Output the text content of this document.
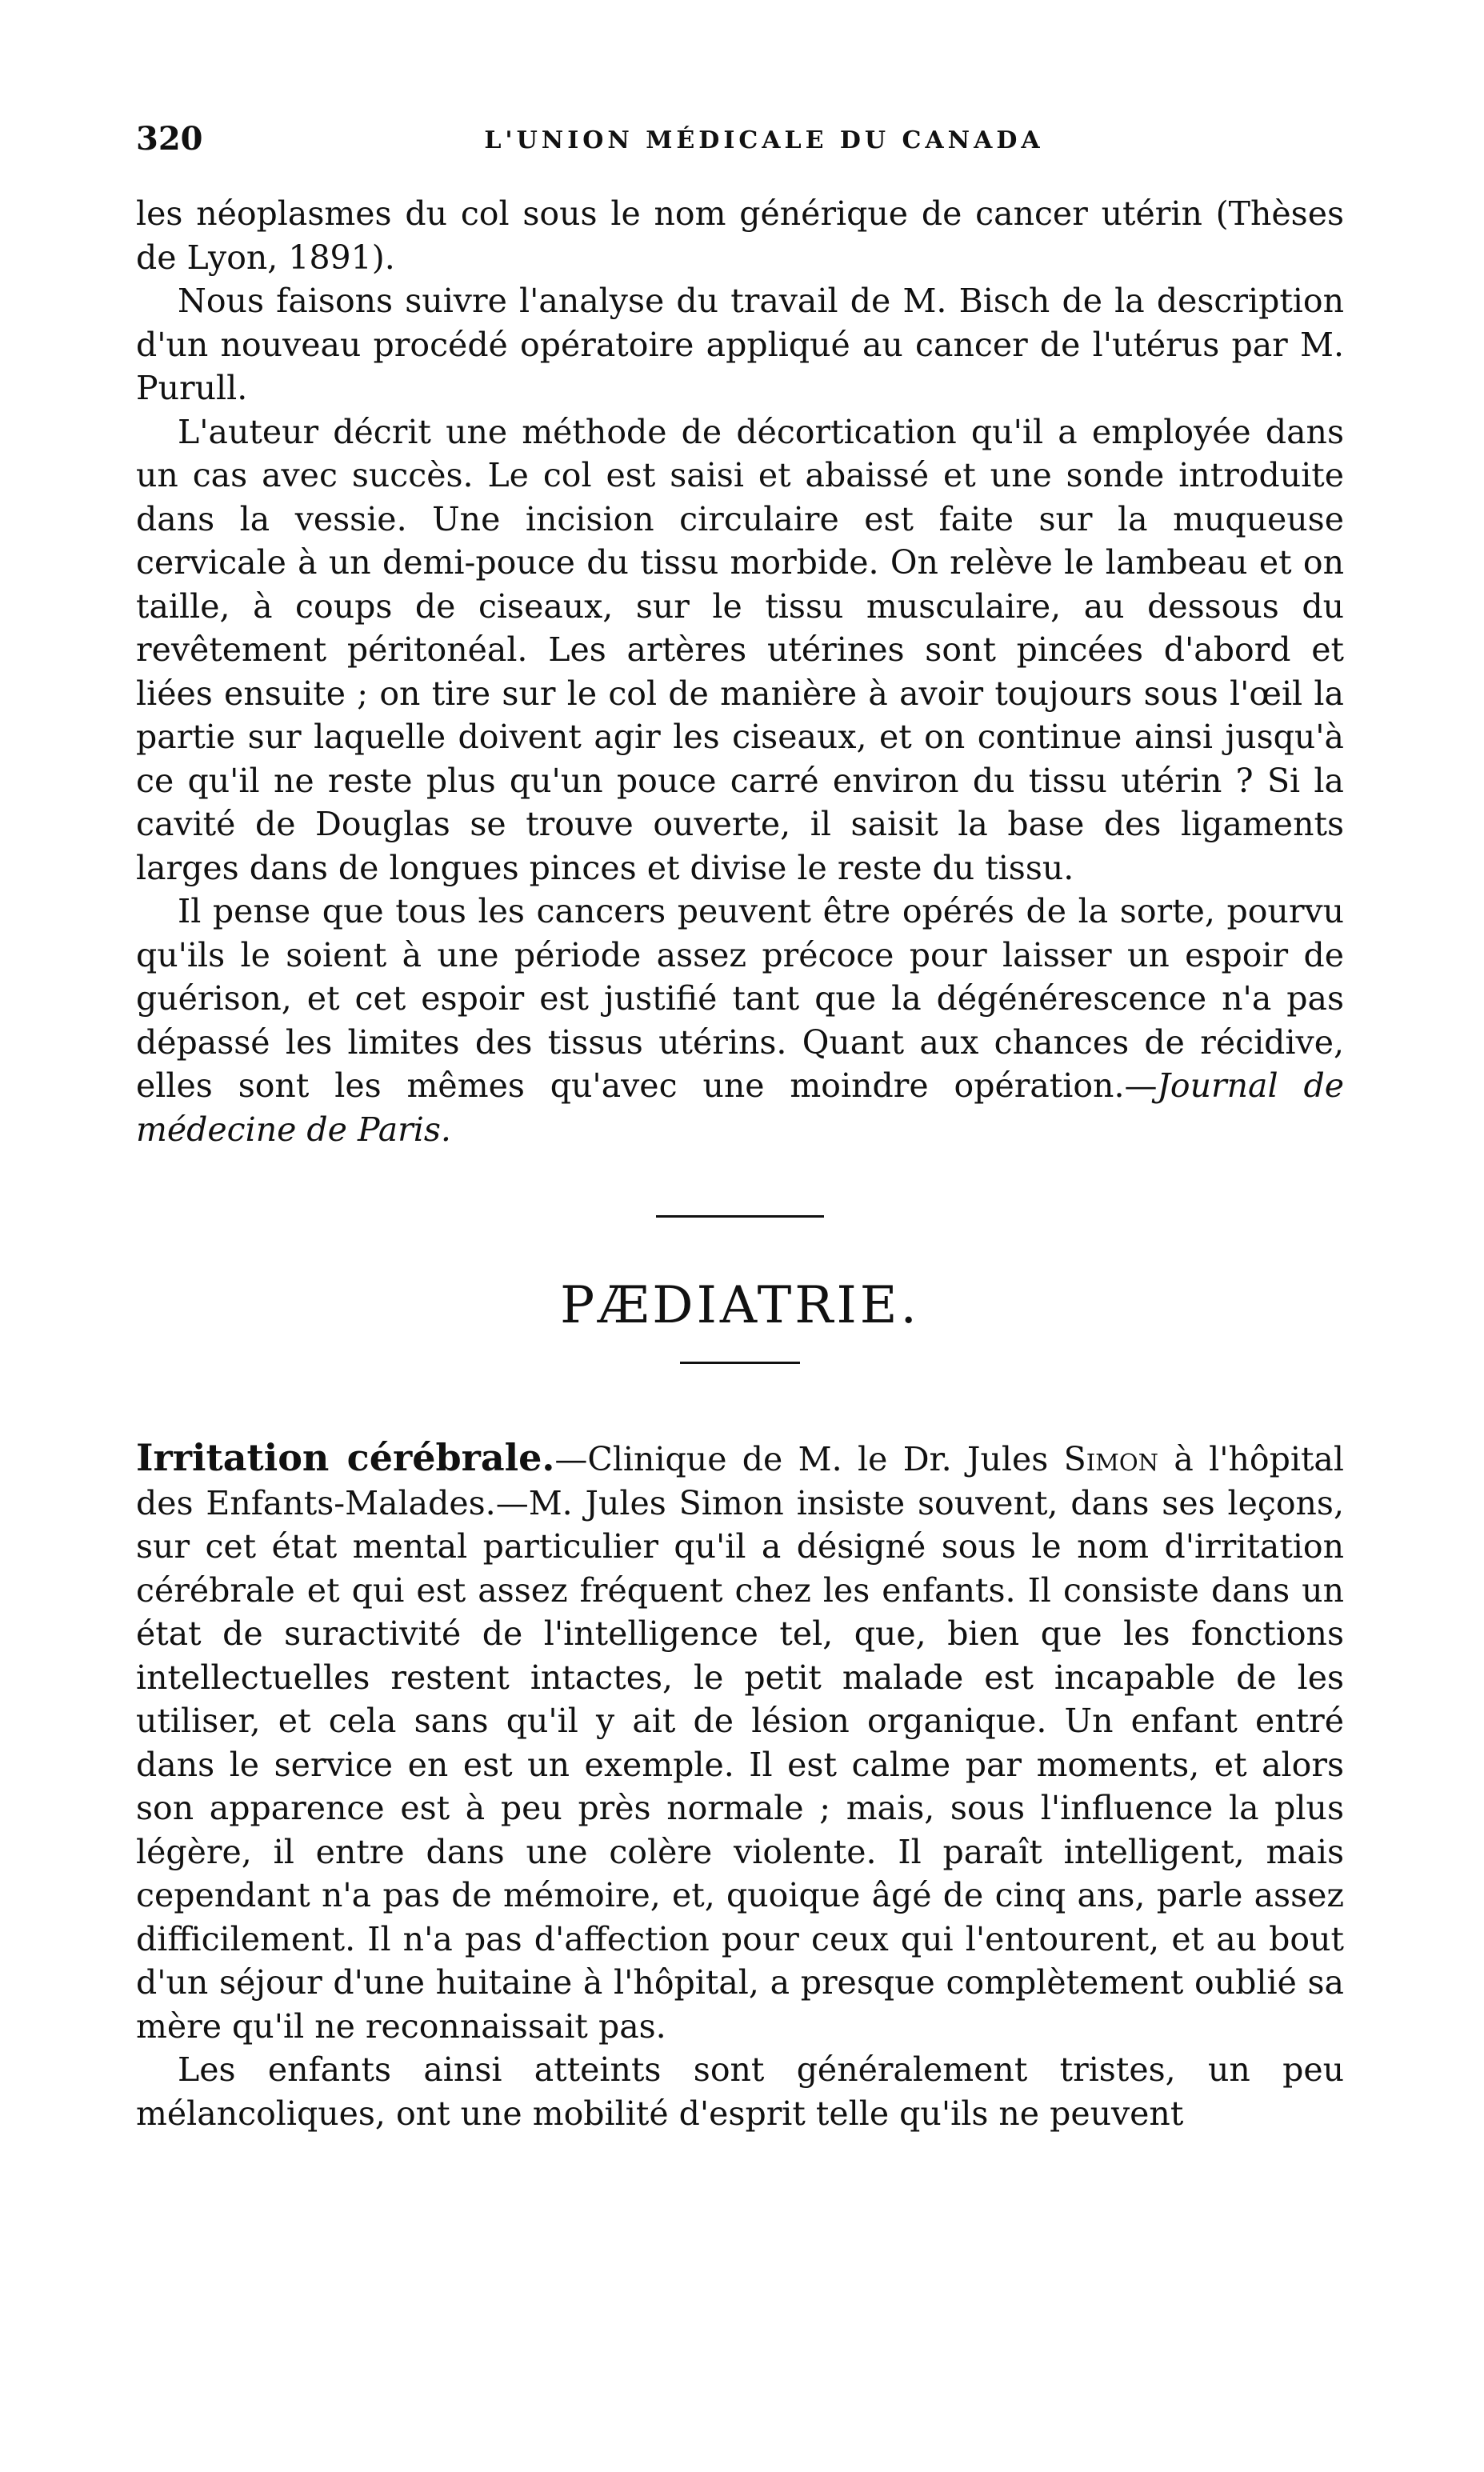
320	L'UNION MÉDICALE DU CANADA

les néoplasmes du col sous le nom générique de cancer utérin (Thèses de Lyon, 1891).

Nous faisons suivre l'analyse du travail de M. Bisch de la description d'un nouveau procédé opératoire appliqué au cancer de l'utérus par M. Purull.

L'auteur décrit une méthode de décortication qu'il a employée dans un cas avec succès. Le col est saisi et abaissé et une sonde introduite dans la vessie. Une incision circulaire est faite sur la muqueuse cervicale à un demi-pouce du tissu morbide. On relève le lambeau et on taille, à coups de ciseaux, sur le tissu musculaire, au dessous du revêtement péritonéal. Les artères utérines sont pincées d'abord et liées ensuite ; on tire sur le col de manière à avoir toujours sous l'œil la partie sur laquelle doivent agir les ciseaux, et on continue ainsi jusqu'à ce qu'il ne reste plus qu'un pouce carré environ du tissu utérin ? Si la cavité de Douglas se trouve ouverte, il saisit la base des ligaments larges dans de longues pinces et divise le reste du tissu.

Il pense que tous les cancers peuvent être opérés de la sorte, pourvu qu'ils le soient à une période assez précoce pour laisser un espoir de guérison, et cet espoir est justifié tant que la dégénérescence n'a pas dépassé les limites des tissus utérins. Quant aux chances de récidive, elles sont les mêmes qu'avec une moindre opération.—Journal de médecine de Paris.

PÆDIATRIE.

Irritation cérébrale.—Clinique de M. le Dr. Jules Simon à l'hôpital des Enfants-Malades.—M. Jules Simon insiste souvent, dans ses leçons, sur cet état mental particulier qu'il a désigné sous le nom d'irritation cérébrale et qui est assez fréquent chez les enfants. Il consiste dans un état de suractivité de l'intelligence tel, que, bien que les fonctions intellectuelles restent intactes, le petit malade est incapable de les utiliser, et cela sans qu'il y ait de lésion organique. Un enfant entré dans le service en est un exemple. Il est calme par moments, et alors son apparence est à peu près normale ; mais, sous l'influence la plus légère, il entre dans une colère violente. Il paraît intelligent, mais cependant n'a pas de mémoire, et, quoique âgé de cinq ans, parle assez difficilement. Il n'a pas d'affection pour ceux qui l'entourent, et au bout d'un séjour d'une huitaine à l'hôpital, a presque complètement oublié sa mère qu'il ne reconnaissait pas.

Les enfants ainsi atteints sont généralement tristes, un peu mélancoliques, ont une mobilité d'esprit telle qu'ils ne peuvent
